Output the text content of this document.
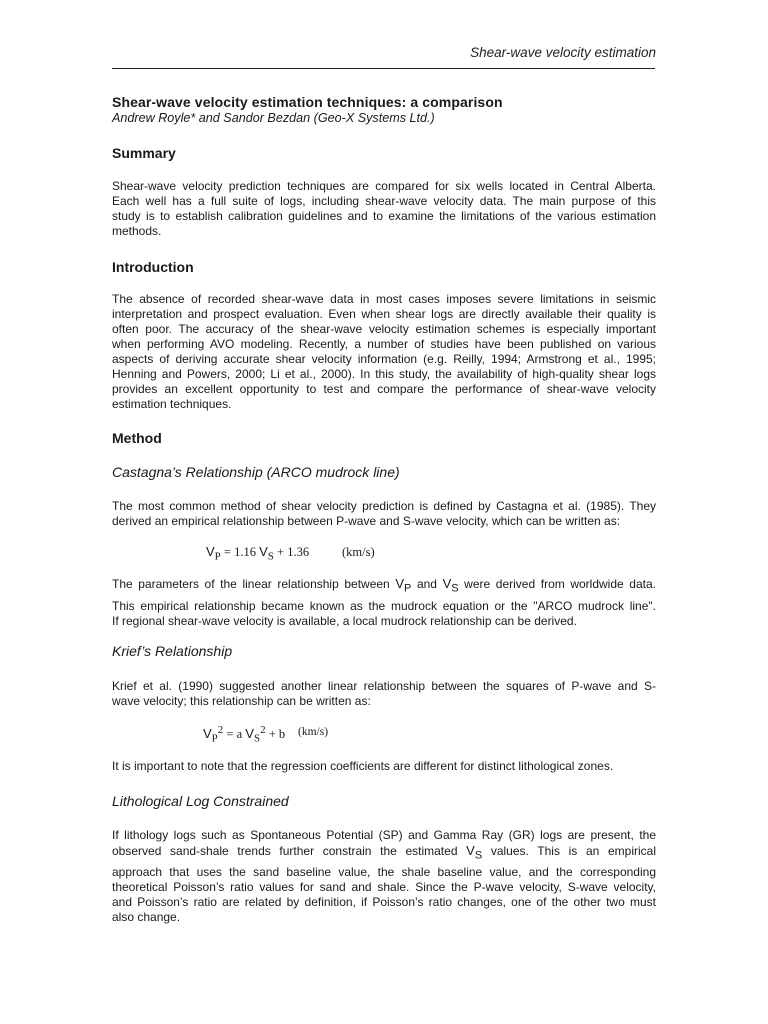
Shear-wave velocity estimation
Shear-wave velocity estimation techniques: a comparison
Andrew Royle* and Sandor Bezdan (Geo-X Systems Ltd.)
Summary
Shear-wave velocity prediction techniques are compared for six wells located in Central Alberta.
Each well has a full suite of logs, including shear-wave velocity data. The main purpose of this
study is to establish calibration guidelines and to examine the limitations of the various estimation
methods.
Introduction
The absence of recorded shear-wave data in most cases imposes severe limitations in seismic
interpretation and prospect evaluation. Even when shear logs are directly available their quality is
often poor. The accuracy of the shear-wave velocity estimation schemes is especially important
when performing AVO modeling. Recently, a number of studies have been published on various
aspects of deriving accurate shear velocity information (e.g. Reilly, 1994; Armstrong et al., 1995;
Henning and Powers, 2000; Li et al., 2000). In this study, the availability of high-quality shear logs
provides an excellent opportunity to test and compare the performance of shear-wave velocity
estimation techniques.
Method
Castagna’s Relationship (ARCO mudrock line)
The most common method of shear velocity prediction is defined by Castagna et al. (1985). They
derived an empirical relationship between P-wave and S-wave velocity, which can be written as:
$V_P = 1.16$ $V_S + 1.36$	(km/s)
The parameters of the linear relationship between $V_P$ and $V_S$ were derived from worldwide data.
This empirical relationship became known as the mudrock equation or the "ARCO mudrock line".
If regional shear-wave velocity is available, a local mudrock relationship can be derived.
Krief’s Relationship
Krief et al. (1990) suggested another linear relationship between the squares of P-wave and S-
wave velocity; this relationship can be written as:
$V_P^2 = a$ $V_S^2 + b$ (km/s)
It is important to note that the regression coefficients are different for distinct lithological zones.
Lithological Log Constrained
If lithology logs such as Spontaneous Potential (SP) and Gamma Ray (GR) logs are present, the
observed sand-shale trends further constrain the estimated $V_S$ values. This is an empirical
approach that uses the sand baseline value, the shale baseline value, and the corresponding
theoretical Poisson’s ratio values for sand and shale. Since the P-wave velocity, S-wave velocity,
and Poisson’s ratio are related by definition, if Poisson’s ratio changes, one of the other two must
also change.
